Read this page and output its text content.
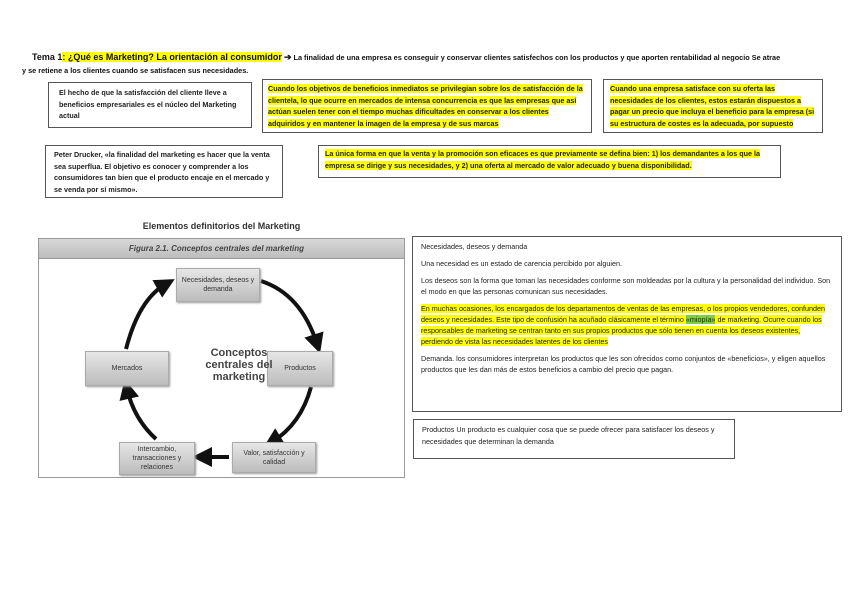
Tema 1: ¿Qué es Marketing? La orientación al consumidor ➔ La finalidad de una empresa es conseguir y conservar clientes satisfechos con los productos y que aporten rentabilidad al negocio Se atrae
y se retiene a los clientes cuando se satisfacen sus necesidades.

El hecho de que la satisfacción del cliente lleve a beneficios empresariales es el núcleo del Marketing actual

Cuando los objetivos de beneficios inmediatos se privilegian sobre los de satisfacción de la clientela, lo que ocurre en mercados de intensa concurrencia es que las empresas que así actúan suelen tener con el tiempo muchas dificultades en conservar a los clientes adquiridos y en mantener la imagen de la empresa y de sus marcas

Cuando una empresa satisface con su oferta las necesidades de los clientes, estos estarán dispuestos a pagar un precio que incluya el beneficio para la empresa (si su estructura de costes es la adecuada, por supuesto

Peter Drucker, «la finalidad del marketing es hacer que la venta sea superflua. El objetivo es conocer y comprender a los consumidores tan bien que el producto encaje en el mercado y se venda por sí mismo».

La única forma en que la venta y la promoción son eficaces es que previamente se defina bien: 1) los demandantes a los que la empresa se dirige y sus necesidades, y 2) una oferta al mercado de valor adecuado y buena disponibilidad.

Elementos definitorios del Marketing
Figura 2.1. Conceptos centrales del marketing
Necesidades, deseos y demanda
Productos
Valor, satisfacción y calidad
Intercambio, transacciones y relaciones
Mercados
Conceptos centrales del marketing

Necesidades, deseos y demanda

Una necesidad es un estado de carencia percibido por alguien.

Los deseos son la forma que toman las necesidades conforme son moldeadas por la cultura y la personalidad del individuo. Son el modo en que las personas comunican sus necesidades.

En muchas ocasiones, los encargados de los departamentos de ventas de las empresas, o los propios vendedores, confunden deseos y necesidades. Este tipo de confusión ha acuñado clásicamente el término «miopía» de marketing. Ocurre cuando los responsables de marketing se centran tanto en sus propios productos que sólo tienen en cuenta los deseos existentes, perdiendo de vista las necesidades latentes de los clientes

Demanda. los consumidores interpretan los productos que les son ofrecidos como conjuntos de «beneficios», y eligen aquellos productos que les dan más de estos beneficios a cambio del precio que pagan.

Productos Un producto es cualquier cosa que se puede ofrecer para satisfacer los deseos y necesidades que determinan la demanda
